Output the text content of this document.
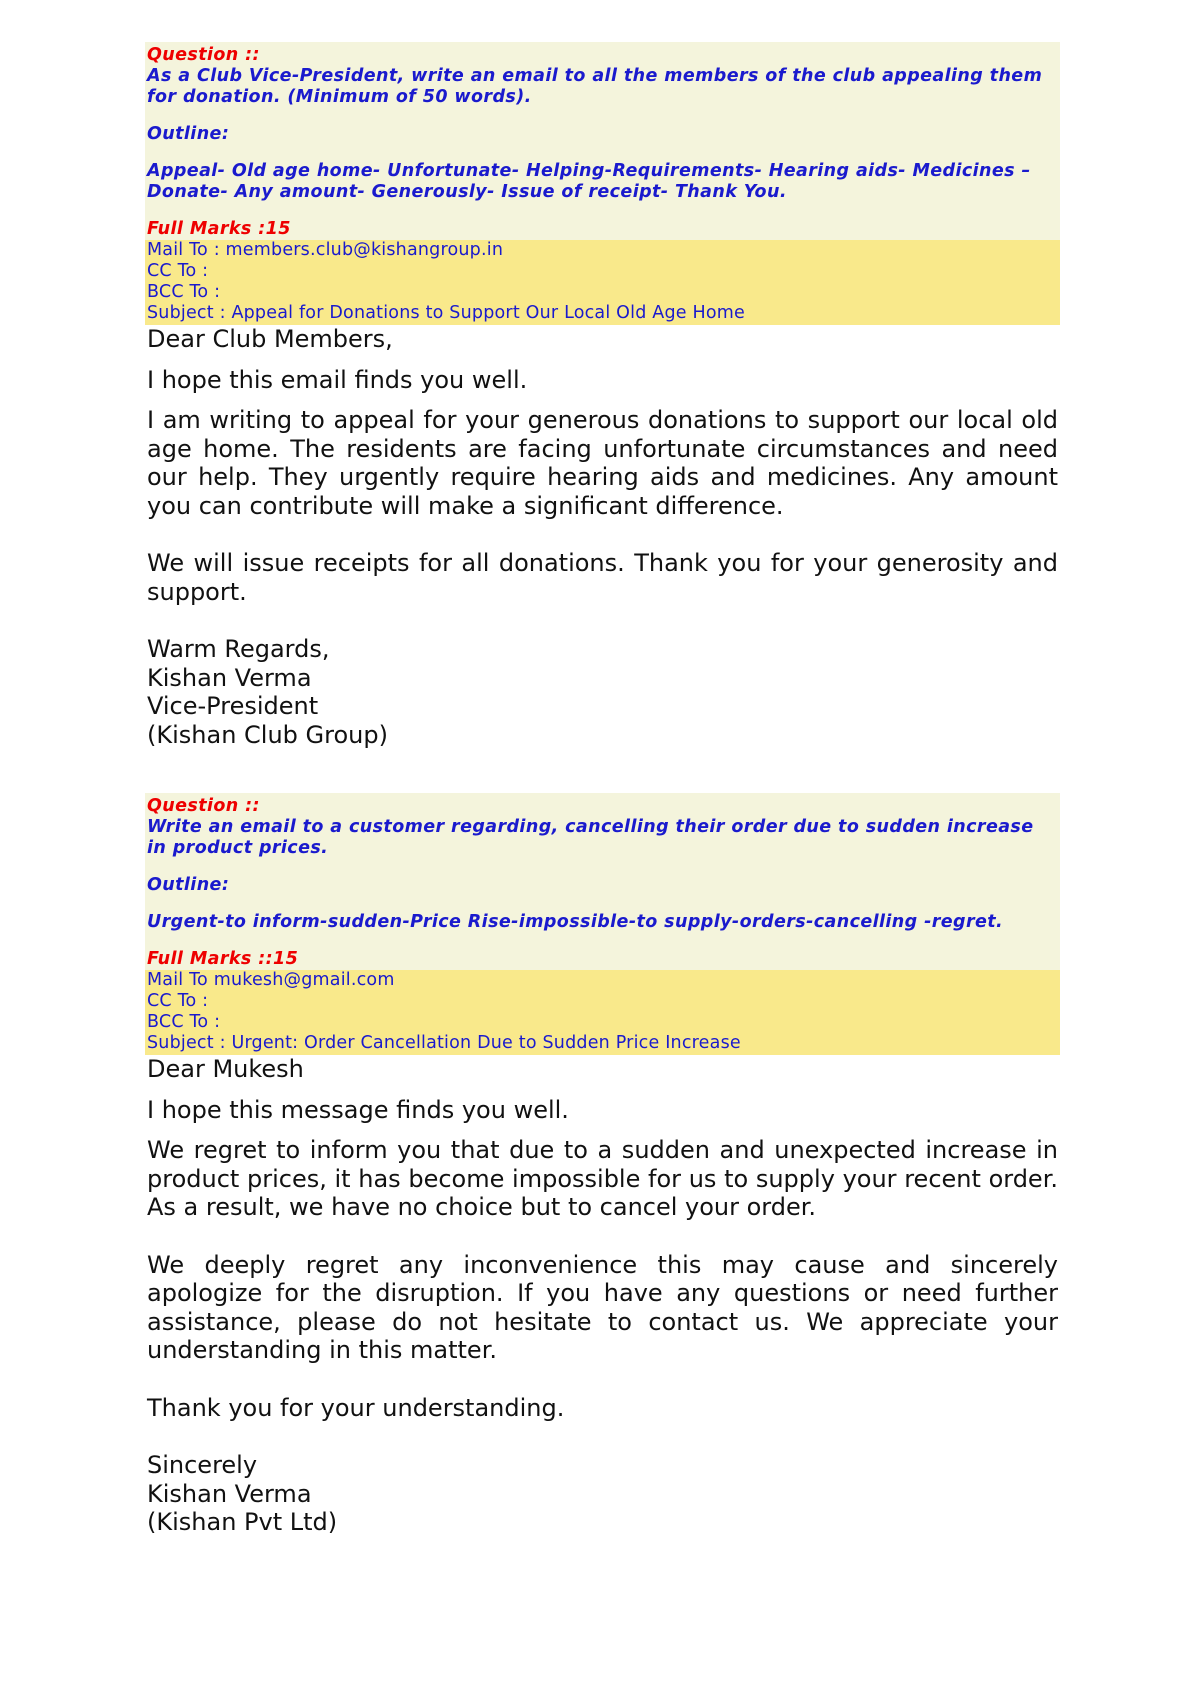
Question ::

As a Club Vice-President, write an email to all the members of the club appealing them for donation. (Minimum of 50 words).

Outline:

Appeal- Old age home- Unfortunate- Helping-Requirements- Hearing aids- Medicines – Donate- Any amount- Generously- Issue of receipt- Thank You.

Full Marks :15

Mail To : members.club@kishangroup.in
CC To :
BCC To :
Subject : Appeal for Donations to Support Our Local Old Age Home

Dear Club Members,

I hope this email finds you well.

I am writing to appeal for your generous donations to support our local old age home. The residents are facing unfortunate circumstances and need our help. They urgently require hearing aids and medicines. Any amount you can contribute will make a significant difference.

We will issue receipts for all donations. Thank you for your generosity and support.

Warm Regards,
Kishan Verma
Vice-President
(Kishan Club Group)

Question ::

Write an email to a customer regarding, cancelling their order due to sudden increase in product prices.

Outline:

Urgent-to inform-sudden-Price Rise-impossible-to supply-orders-cancelling -regret.

Full Marks ::15

Mail To mukesh@gmail.com
CC To :
BCC To :
Subject : Urgent: Order Cancellation Due to Sudden Price Increase

Dear Mukesh

I hope this message finds you well.

We regret to inform you that due to a sudden and unexpected increase in product prices, it has become impossible for us to supply your recent order. As a result, we have no choice but to cancel your order.

We deeply regret any inconvenience this may cause and sincerely apologize for the disruption. If you have any questions or need further assistance, please do not hesitate to contact us. We appreciate your understanding in this matter.

Thank you for your understanding.

Sincerely
Kishan Verma
(Kishan Pvt Ltd)
